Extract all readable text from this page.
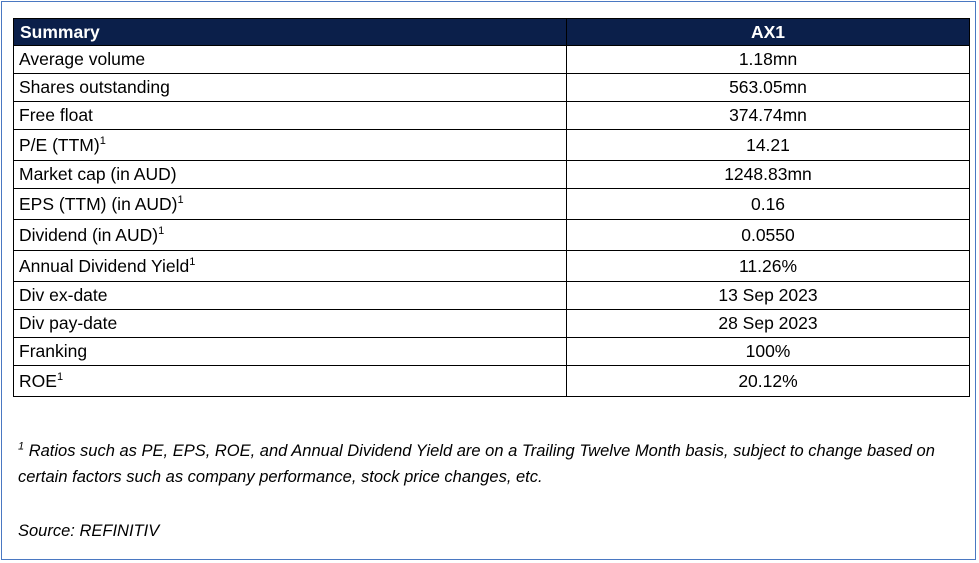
Summary	AX1
Average volume	1.18mn
Shares outstanding	563.05mn
Free float	374.74mn
P/E (TTM)$^1$	14.21
Market cap (in AUD)	1248.83mn
EPS (TTM) (in AUD)$^1$	0.16
Dividend (in AUD)$^1$	0.0550
Annual Dividend Yield$^1$	11.26%
Div ex-date	13 Sep 2023
Div pay-date	28 Sep 2023
Franking	100%
ROE$^1$	20.12%
$^1$ Ratios such as PE, EPS, ROE, and Annual Dividend Yield are on a Trailing Twelve Month basis, subject to change based on certain factors such as company performance, stock price changes, etc.
Source: REFINITIV
